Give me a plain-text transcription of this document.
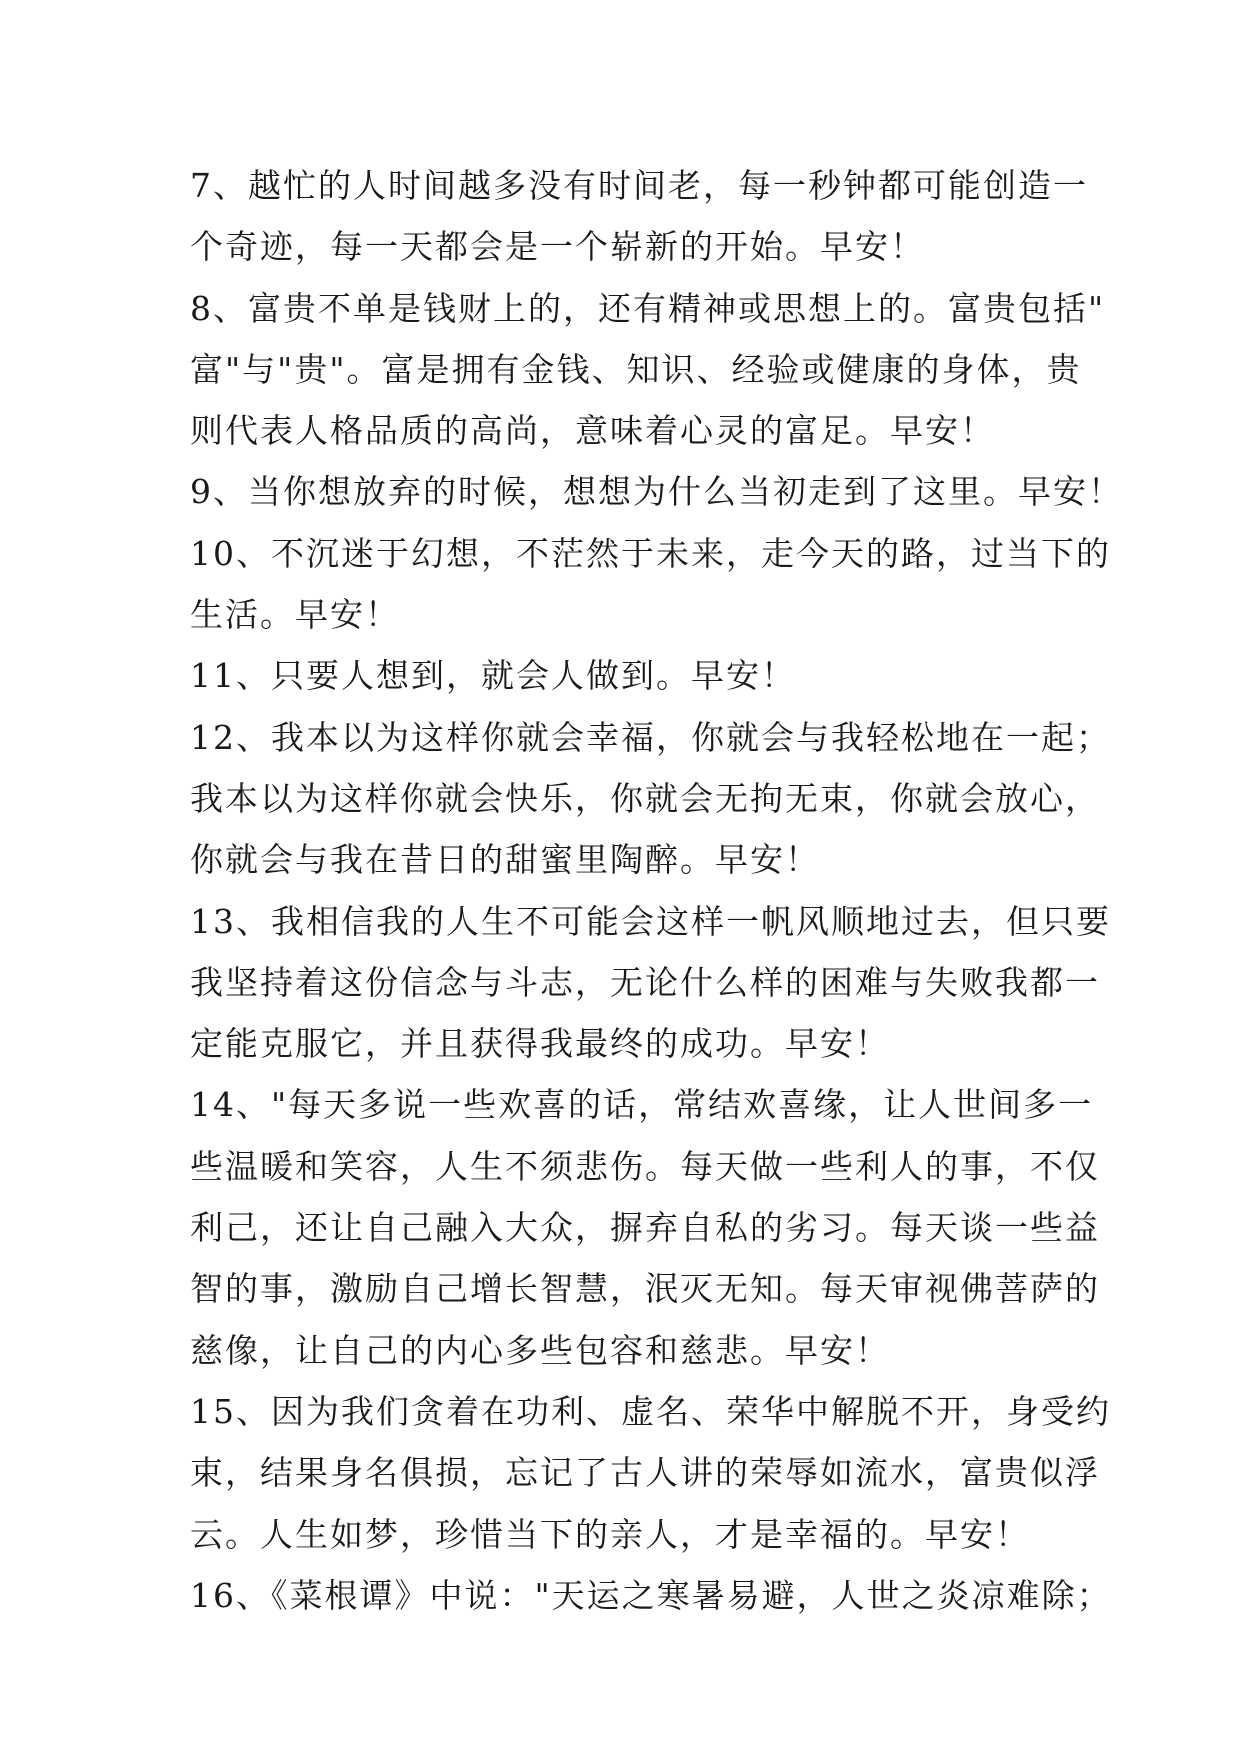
7、越忙的人时间越多没有时间老，每一秒钟都可能创造一
个奇迹，每一天都会是一个崭新的开始。早安！
8、富贵不单是钱财上的，还有精神或思想上的。富贵包括"
富"与"贵"。富是拥有金钱、知识、经验或健康的身体，贵
则代表人格品质的高尚，意味着心灵的富足。早安！
9、当你想放弃的时候，想想为什么当初走到了这里。早安！
10、不沉迷于幻想，不茫然于未来，走今天的路，过当下的
生活。早安！
11、只要人想到，就会人做到。早安！
12、我本以为这样你就会幸福，你就会与我轻松地在一起；
我本以为这样你就会快乐，你就会无拘无束，你就会放心，
你就会与我在昔日的甜蜜里陶醉。早安！
13、我相信我的人生不可能会这样一帆风顺地过去，但只要
我坚持着这份信念与斗志，无论什么样的困难与失败我都一
定能克服它，并且获得我最终的成功。早安！
14、"每天多说一些欢喜的话，常结欢喜缘，让人世间多一
些温暖和笑容，人生不须悲伤。每天做一些利人的事，不仅
利己，还让自己融入大众，摒弃自私的劣习。每天谈一些益
智的事，激励自己增长智慧，泯灭无知。每天审视佛菩萨的
慈像，让自己的内心多些包容和慈悲。早安！
15、因为我们贪着在功利、虚名、荣华中解脱不开，身受约
束，结果身名俱损，忘记了古人讲的荣辱如流水，富贵似浮
云。人生如梦，珍惜当下的亲人，才是幸福的。早安！
16、《菜根谭》中说："天运之寒暑易避，人世之炎凉难除；
